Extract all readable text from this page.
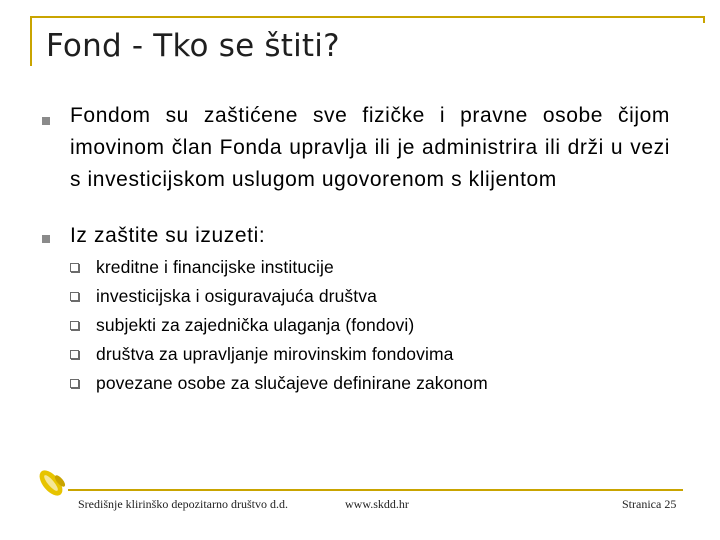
Fond - Tko se štiti?
Fondom su zaštićene sve fizičke i pravne osobe čijom imovinom član Fonda upravlja ili je administrira ili drži u vezi s investicijskom uslugom ugovorenom s klijentom
Iz zaštite su izuzeti:
kreditne i financijske institucije
investicijska i osiguravajuća društva
subjekti za zajednička ulaganja (fondovi)
društva za upravljanje mirovinskim fondovima
povezane osobe za slučajeve definirane zakonom
Središnje klirinško depozitarno društvo d.d.	www.skdd.hr	Stranica 25
